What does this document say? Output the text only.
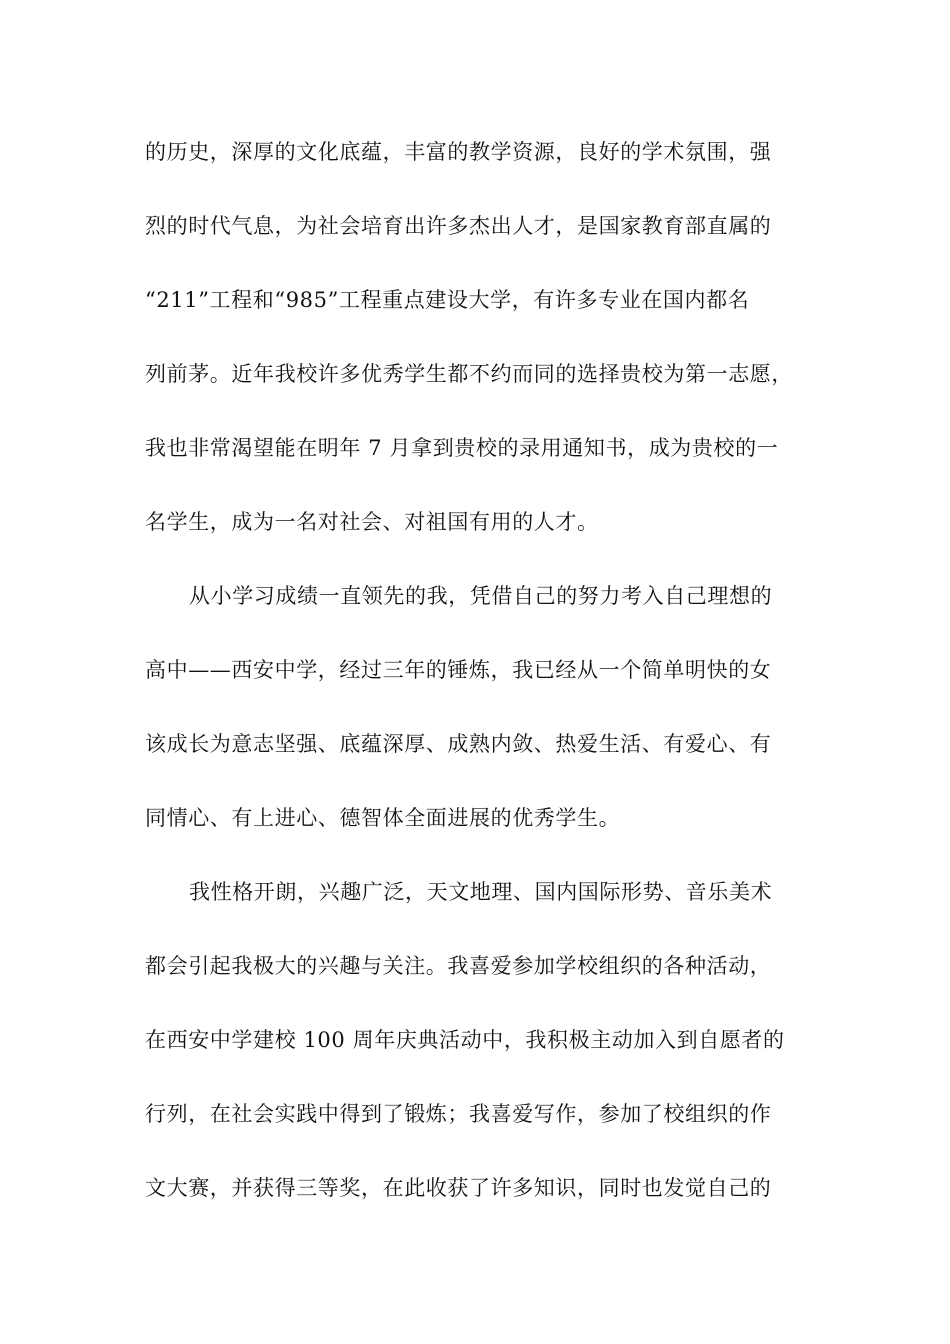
的历史，深厚的文化底蕴，丰富的教学资源，良好的学术氛围，强
烈的时代气息，为社会培育出许多杰出人才，是国家教育部直属的
“211”工程和“985”工程重点建设大学，有许多专业在国内都名
列前茅。近年我校许多优秀学生都不约而同的选择贵校为第一志愿，
我也非常渴望能在明年 7 月拿到贵校的录用通知书，成为贵校的一
名学生，成为一名对社会、对祖国有用的人才。
从小学习成绩一直领先的我，凭借自己的努力考入自己理想的
高中——西安中学，经过三年的锤炼，我已经从一个简单明快的女
该成长为意志坚强、底蕴深厚、成熟内敛、热爱生活、有爱心、有
同情心、有上进心、德智体全面进展的优秀学生。
我性格开朗，兴趣广泛，天文地理、国内国际形势、音乐美术
都会引起我极大的兴趣与关注。我喜爱参加学校组织的各种活动，
在西安中学建校 100 周年庆典活动中，我积极主动加入到自愿者的
行列，在社会实践中得到了锻炼；我喜爱写作，参加了校组织的作
文大赛，并获得三等奖，在此收获了许多知识，同时也发觉自己的
